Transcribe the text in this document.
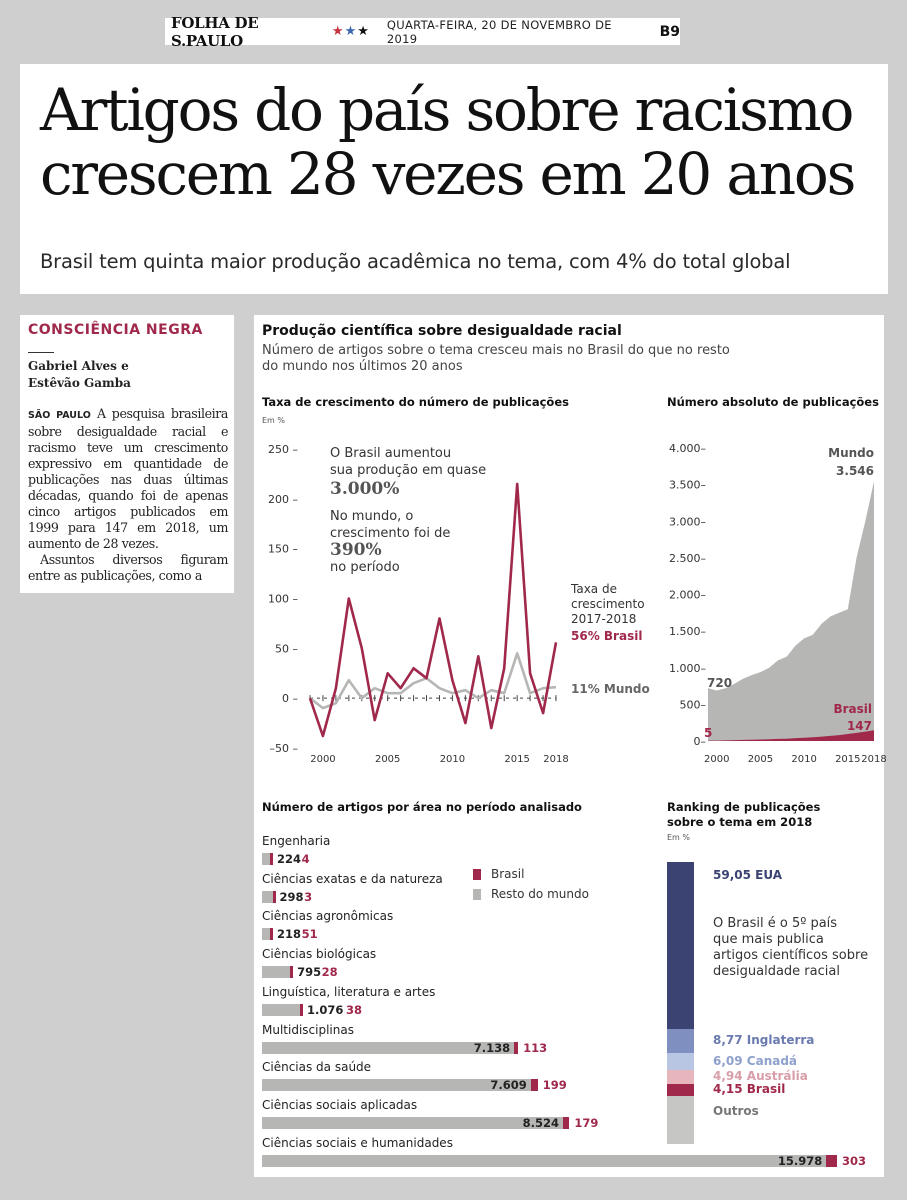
FOLHA DE S.PAULO	★ ★ ★ QUARTA-FEIRA, 20 DE NOVEMBRO DE 2019	B9
Artigos do país sobre racismo
crescem 28 vezes em 20 anos
Brasil tem quinta maior produção acadêmica no tema, com 4% do total global
CONSCIÊNCIA NEGRA
Gabriel Alves e
Estêvão Gamba

SÃO PAULO A pesquisa brasileira sobre desigualdade racial e racismo teve um crescimento expressivo em quantidade de publicações nas duas últimas décadas, quando foi de apenas cinco artigos publicados em 1999 para 147 em 2018, um aumento de 28 vezes.

Assuntos diversos figuram entre as publicações, como a

Produção científica sobre desigualdade racial
Número de artigos sobre o tema cresceu mais no Brasil do que no resto
do mundo nos últimos 20 anos
Taxa de crescimento do número de publicações
Em %
250 –
200 –
150 –
100 –
50 –
0 –
–50 –
2000	2005	2010	2015 2018
O Brasil aumentou
sua produção em quase
3.000%
No mundo, o
crescimento foi de
390%
no período
Taxa de
crescimento
2017-2018
56% Brasil
11% Mundo
Número absoluto de publicações
4.000–
3.500–
3.000–
2.500–
2.000–
1.500–
1.000–
500–
0–
2000 2005 2010 2015 2018
Mundo
3.546
720
Brasil
147
5
Número de artigos por área no período analisado
Engenharia
224 4
Ciências exatas e da natureza
298 3
Ciências agronômicas
218 51
Ciências biológicas
795 28
Linguística, literatura e artes
1.076 38
Multidisciplinas
7.138 113
Ciências da saúde
7.609 199
Ciências sociais aplicadas
8.524 179
Ciências sociais e humanidades
15.978 303
Brasil
Resto do mundo
Ranking de publicações
sobre o tema em 2018
Em %
59,05 EUA
8,77 Inglaterra
6,09 Canadá
4,94 Austrália
4,15 Brasil
Outros
O Brasil é o 5º país
que mais publica
artigos científicos sobre
desigualdade racial
